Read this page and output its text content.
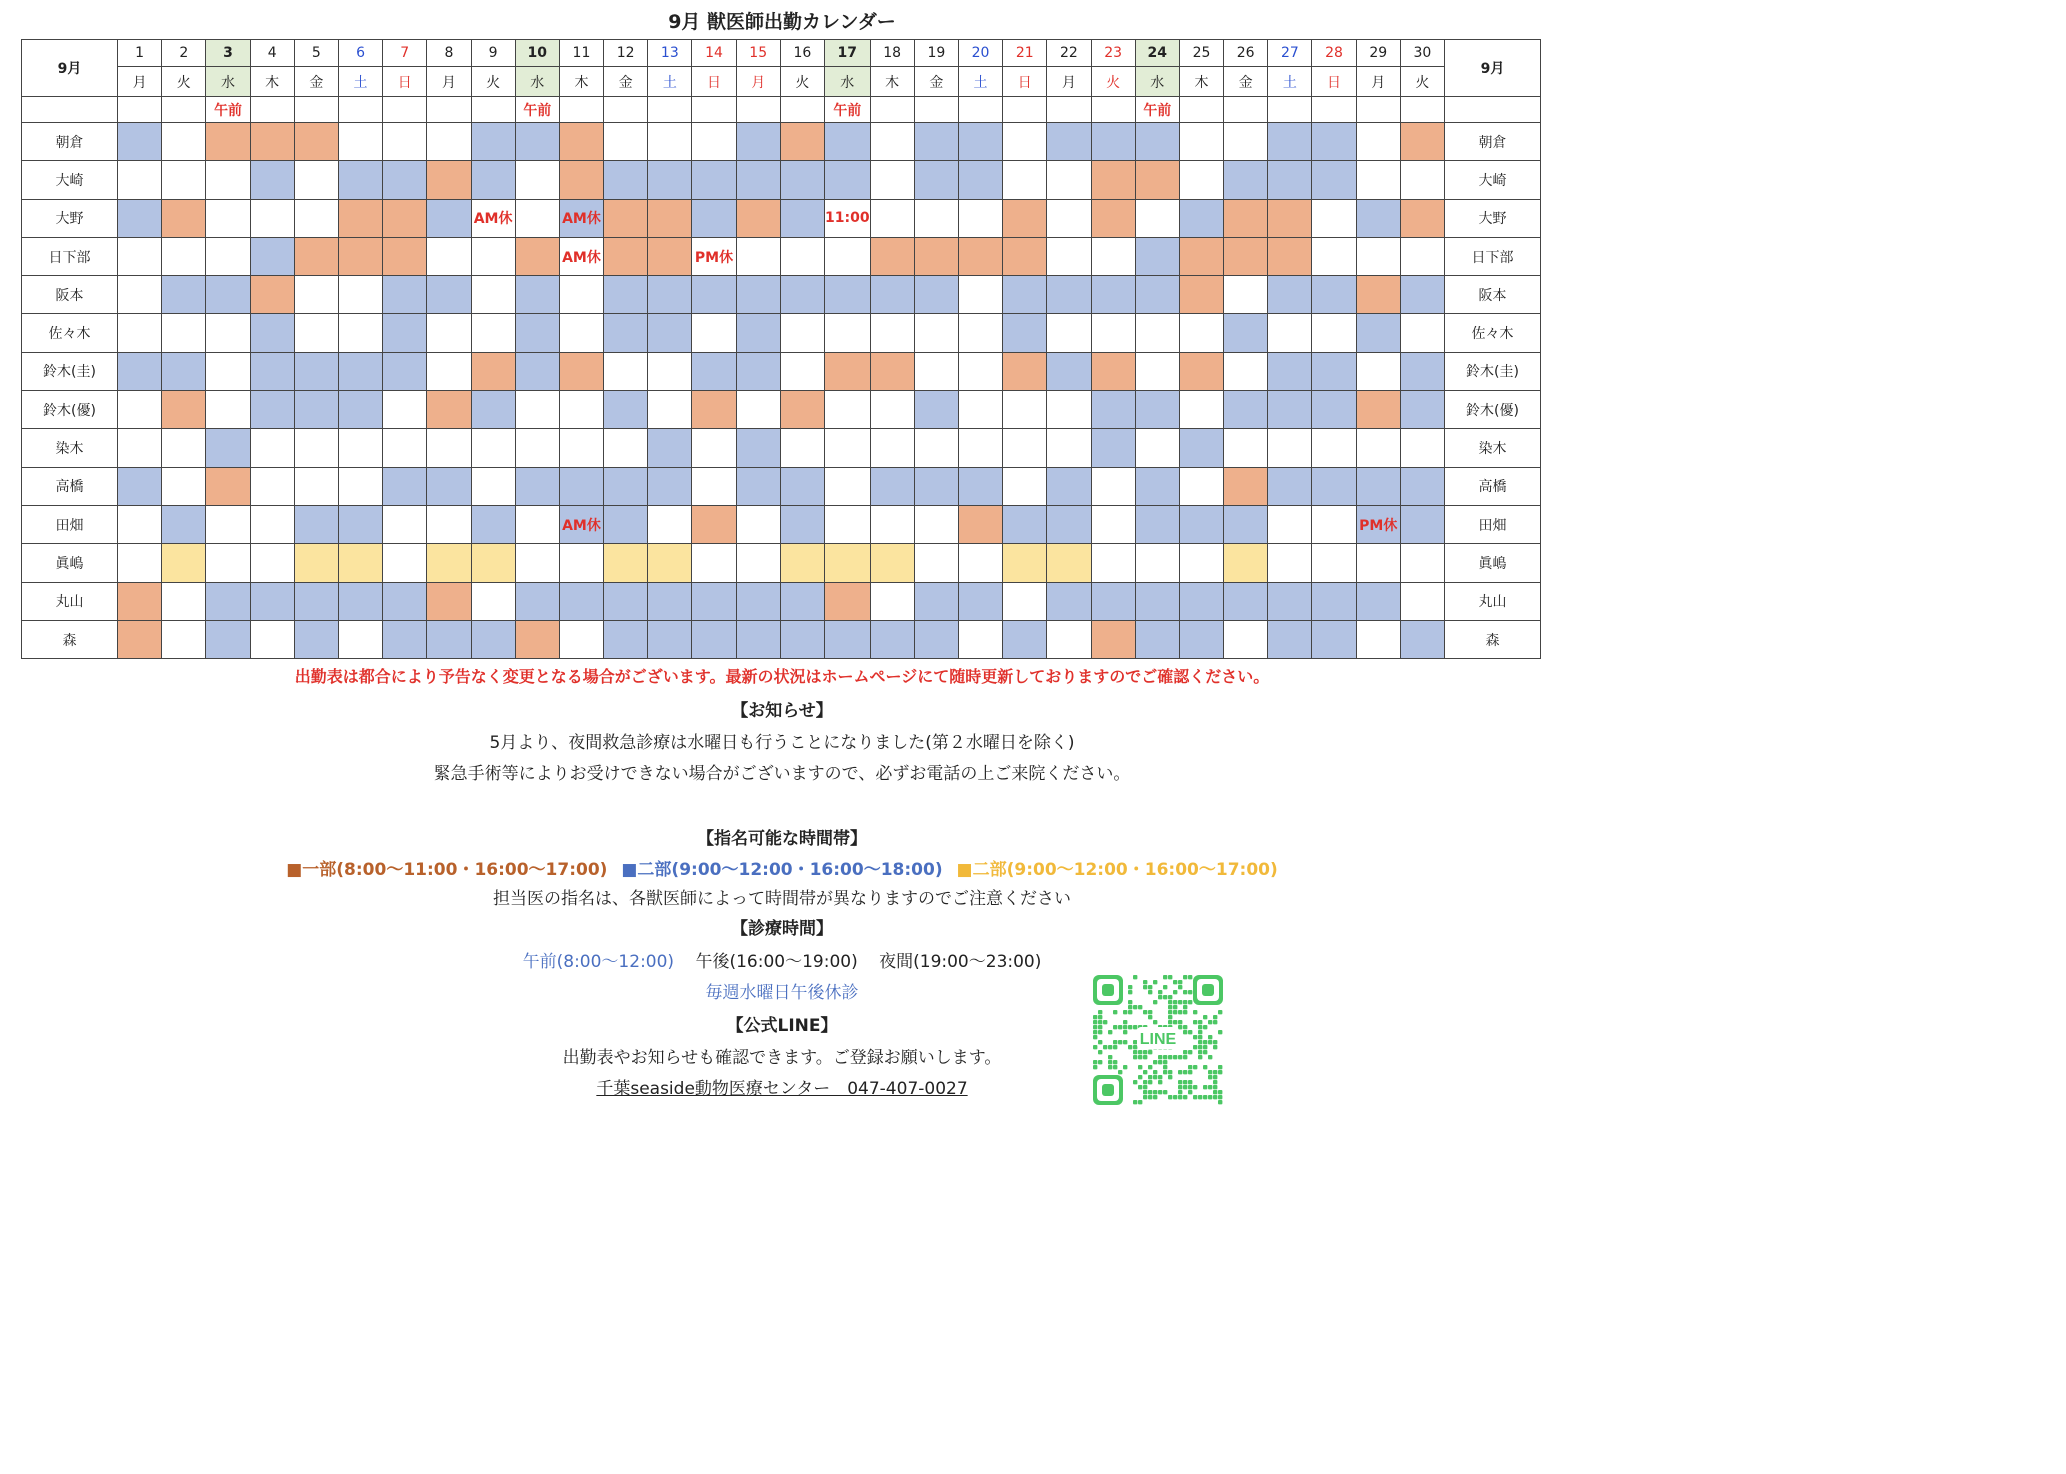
9月 獣医師出勤カレンダー
9月	1	2	3	4	5	6	7	8	9	10	11	12	13	14	15	16	17	18	19	20	21	22	23	24	25	26	27	28	29	30	9月
	月	火	水	木	金	土	日	月	火	水	木	金	土	日	月	火	水	木	金	土	日	月	火	水	木	金	土	日	月	火	
			午前							午前							午前							午前							
朝倉																															朝倉
大崎																															大崎
大野									AM休		AM休						11:00														大野
日下部											AM休			PM休																	日下部
阪本																															阪本
佐々木																															佐々木
鈴木(圭)																															鈴木(圭)
鈴木(優)																															鈴木(優)
染木																															染木
高橋																															高橋
田畑											AM休																		PM休		田畑
眞嶋																															眞嶋
丸山																															丸山
森																															森
出勤表は都合により予告なく変更となる場合がございます。最新の状況はホームページにて随時更新しておりますのでご確認ください。
【お知らせ】
5月より、夜間救急診療は水曜日も行うことになりました(第２水曜日を除く)
緊急手術等によりお受けできない場合がございますので、必ずお電話の上ご来院ください。
【指名可能な時間帯】
■一部(8:00〜11:00・16:00〜17:00) ■二部(9:00〜12:00・16:00〜18:00) ■二部(9:00〜12:00・16:00〜17:00)
担当医の指名は、各獣医師によって時間帯が異なりますのでご注意ください
【診療時間】
午前(8:00〜12:00) 午後(16:00〜19:00) 夜間(19:00〜23:00)
毎週水曜日午後休診
【公式LINE】
出勤表やお知らせも確認できます。ご登録お願いします。
千葉seaside動物医療センター　047-407-0027
LINE
